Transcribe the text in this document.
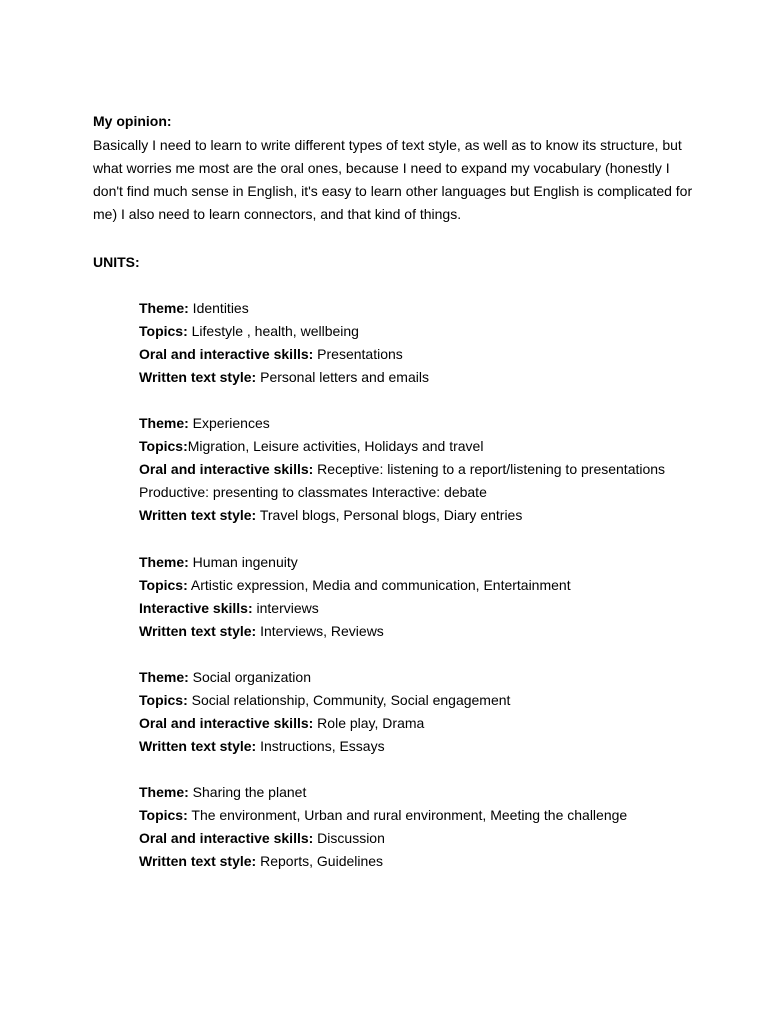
My opinion:

Basically I need to learn to write different types of text style, as well as to know its structure, but what worries me most are the oral ones, because I need to expand my vocabulary (honestly I don't find much sense in English, it's easy to learn other languages but English is complicated for me) I also need to learn connectors, and that kind of things.

UNITS:

Theme: Identities

Topics: Lifestyle , health, wellbeing

Oral and interactive skills: Presentations

Written text style: Personal letters and emails

Theme: Experiences

Topics:Migration, Leisure activities, Holidays and travel

Oral and interactive skills: Receptive: listening to a report/listening to presentations

Productive: presenting to classmates Interactive: debate

Written text style: Travel blogs, Personal blogs, Diary entries

Theme: Human ingenuity

Topics: Artistic expression, Media and communication, Entertainment

Interactive skills: interviews

Written text style: Interviews, Reviews

Theme: Social organization

Topics: Social relationship, Community, Social engagement

Oral and interactive skills: Role play, Drama

Written text style: Instructions, Essays

Theme: Sharing the planet

Topics: The environment, Urban and rural environment, Meeting the challenge

Oral and interactive skills: Discussion

Written text style: Reports, Guidelines
